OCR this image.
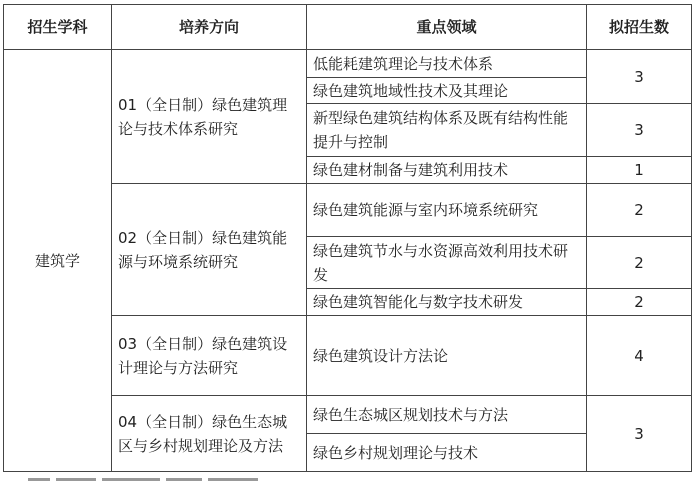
招生学科	培养方向	重点领域	拟招生数
建筑学	01（全日制）绿色建筑理论与技术体系研究	低能耗建筑理论与技术体系	3
		绿色建筑地域性技术及其理论	
		新型绿色建筑结构体系及既有结构性能提升与控制	3
		绿色建材制备与建筑利用技术	1
	02（全日制）绿色建筑能源与环境系统研究	绿色建筑能源与室内环境系统研究	2
		绿色建筑节水与水资源高效利用技术研发	2
		绿色建筑智能化与数字技术研发	2
	03（全日制）绿色建筑设计理论与方法研究	绿色建筑设计方法论	4
	04（全日制）绿色生态城区与乡村规划理论及方法	绿色生态城区规划技术与方法	3
		绿色乡村规划理论与技术	
